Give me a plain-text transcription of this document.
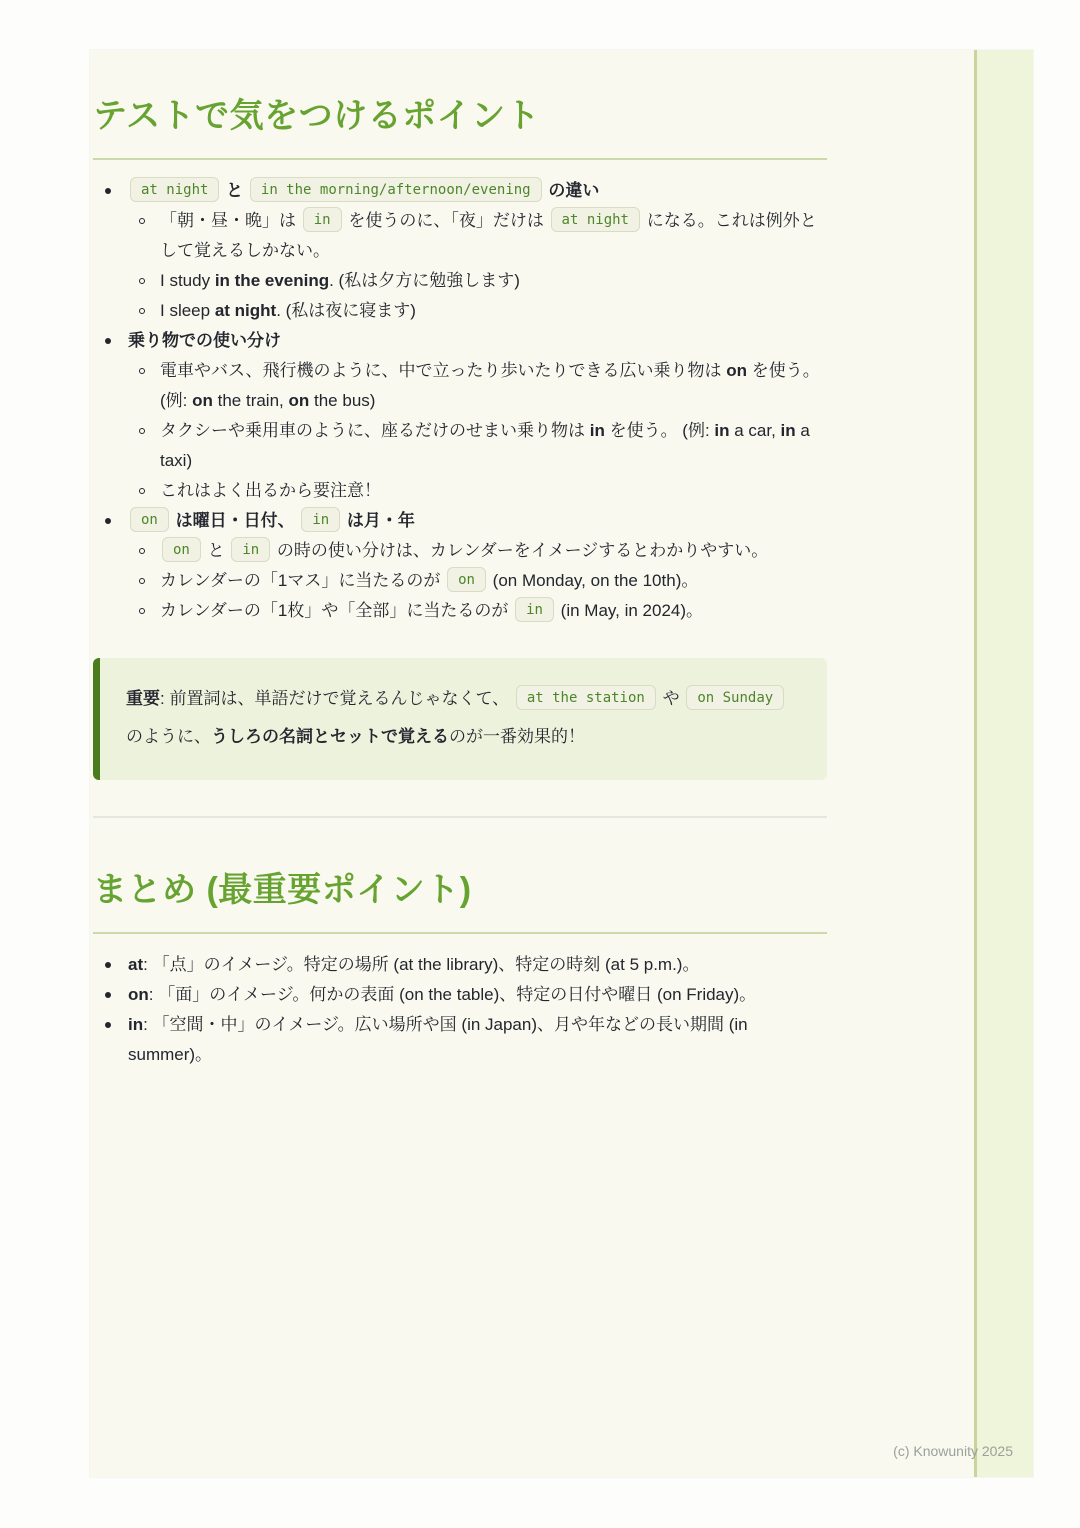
テストで気をつけるポイント
at night と in the morning/afternoon/evening の違い
「朝・昼・晩」は in を使うのに、「夜」だけは at night になる。これは例外として覚えるしかない。
I study in the evening. (私は夕方に勉強します)
I sleep at night. (私は夜に寝ます)
乗り物での使い分け
電車やバス、飛行機のように、中で立ったり歩いたりできる広い乗り物は on を使う。 (例: on the train, on the bus)
タクシーや乗用車のように、座るだけのせまい乗り物は in を使う。 (例: in a car, in a taxi)
これはよく出るから要注意！
on は曜日・日付、 in は月・年
on と in の時の使い分けは、カレンダーをイメージするとわかりやすい。
カレンダーの「1マス」に当たるのが on (on Monday, on the 10th)。
カレンダーの「1枚」や「全部」に当たるのが in (in May, in 2024)。
重要: 前置詞は、単語だけで覚えるんじゃなくて、 at the station や on Sunday のように、うしろの名詞とセットで覚えるのが一番効果的！
まとめ (最重要ポイント)
at: 「点」のイメージ。特定の場所 (at the library)、特定の時刻 (at 5 p.m.)。
on: 「面」のイメージ。何かの表面 (on the table)、特定の日付や曜日 (on Friday)。
in: 「空間・中」のイメージ。広い場所や国 (in Japan)、月や年などの長い期間 (in summer)。
(c) Knowunity 2025
